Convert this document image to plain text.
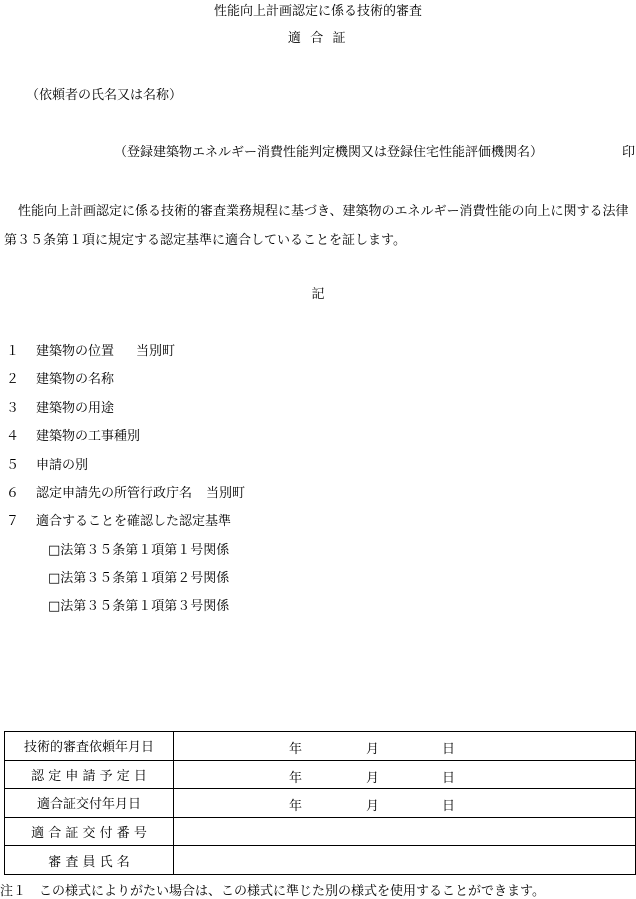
性能向上計画認定に係る技術的審査
適 合 証
（依頼者の氏名又は名称）
（登録建築物エネルギー消費性能判定機関又は登録住宅性能評価機関名）	印
性能向上計画認定に係る技術的審査業務規程に基づき、建築物のエネルギー消費性能の向上に関する法律第３５条第１項に規定する認定基準に適合していることを証します。
記
１ 建築物の位置 当別町
２ 建築物の名称
３ 建築物の用途
４ 建築物の工事種別
５ 申請の別
６ 認定申請先の所管行政庁名 当別町
７ 適合することを確認した認定基準
□法第３５条第１項第１号関係
□法第３５条第１項第２号関係
□法第３５条第１項第３号関係
技術的審査依頼年月日	年 月 日

認 定 申 請 予 定 日	年 月 日

適合証交付年月日	年 月 日

適 合 証 交 付 番 号	
審 査 員 氏 名	
注１　この様式によりがたい場合は、この様式に準じた別の様式を使用することができます。
